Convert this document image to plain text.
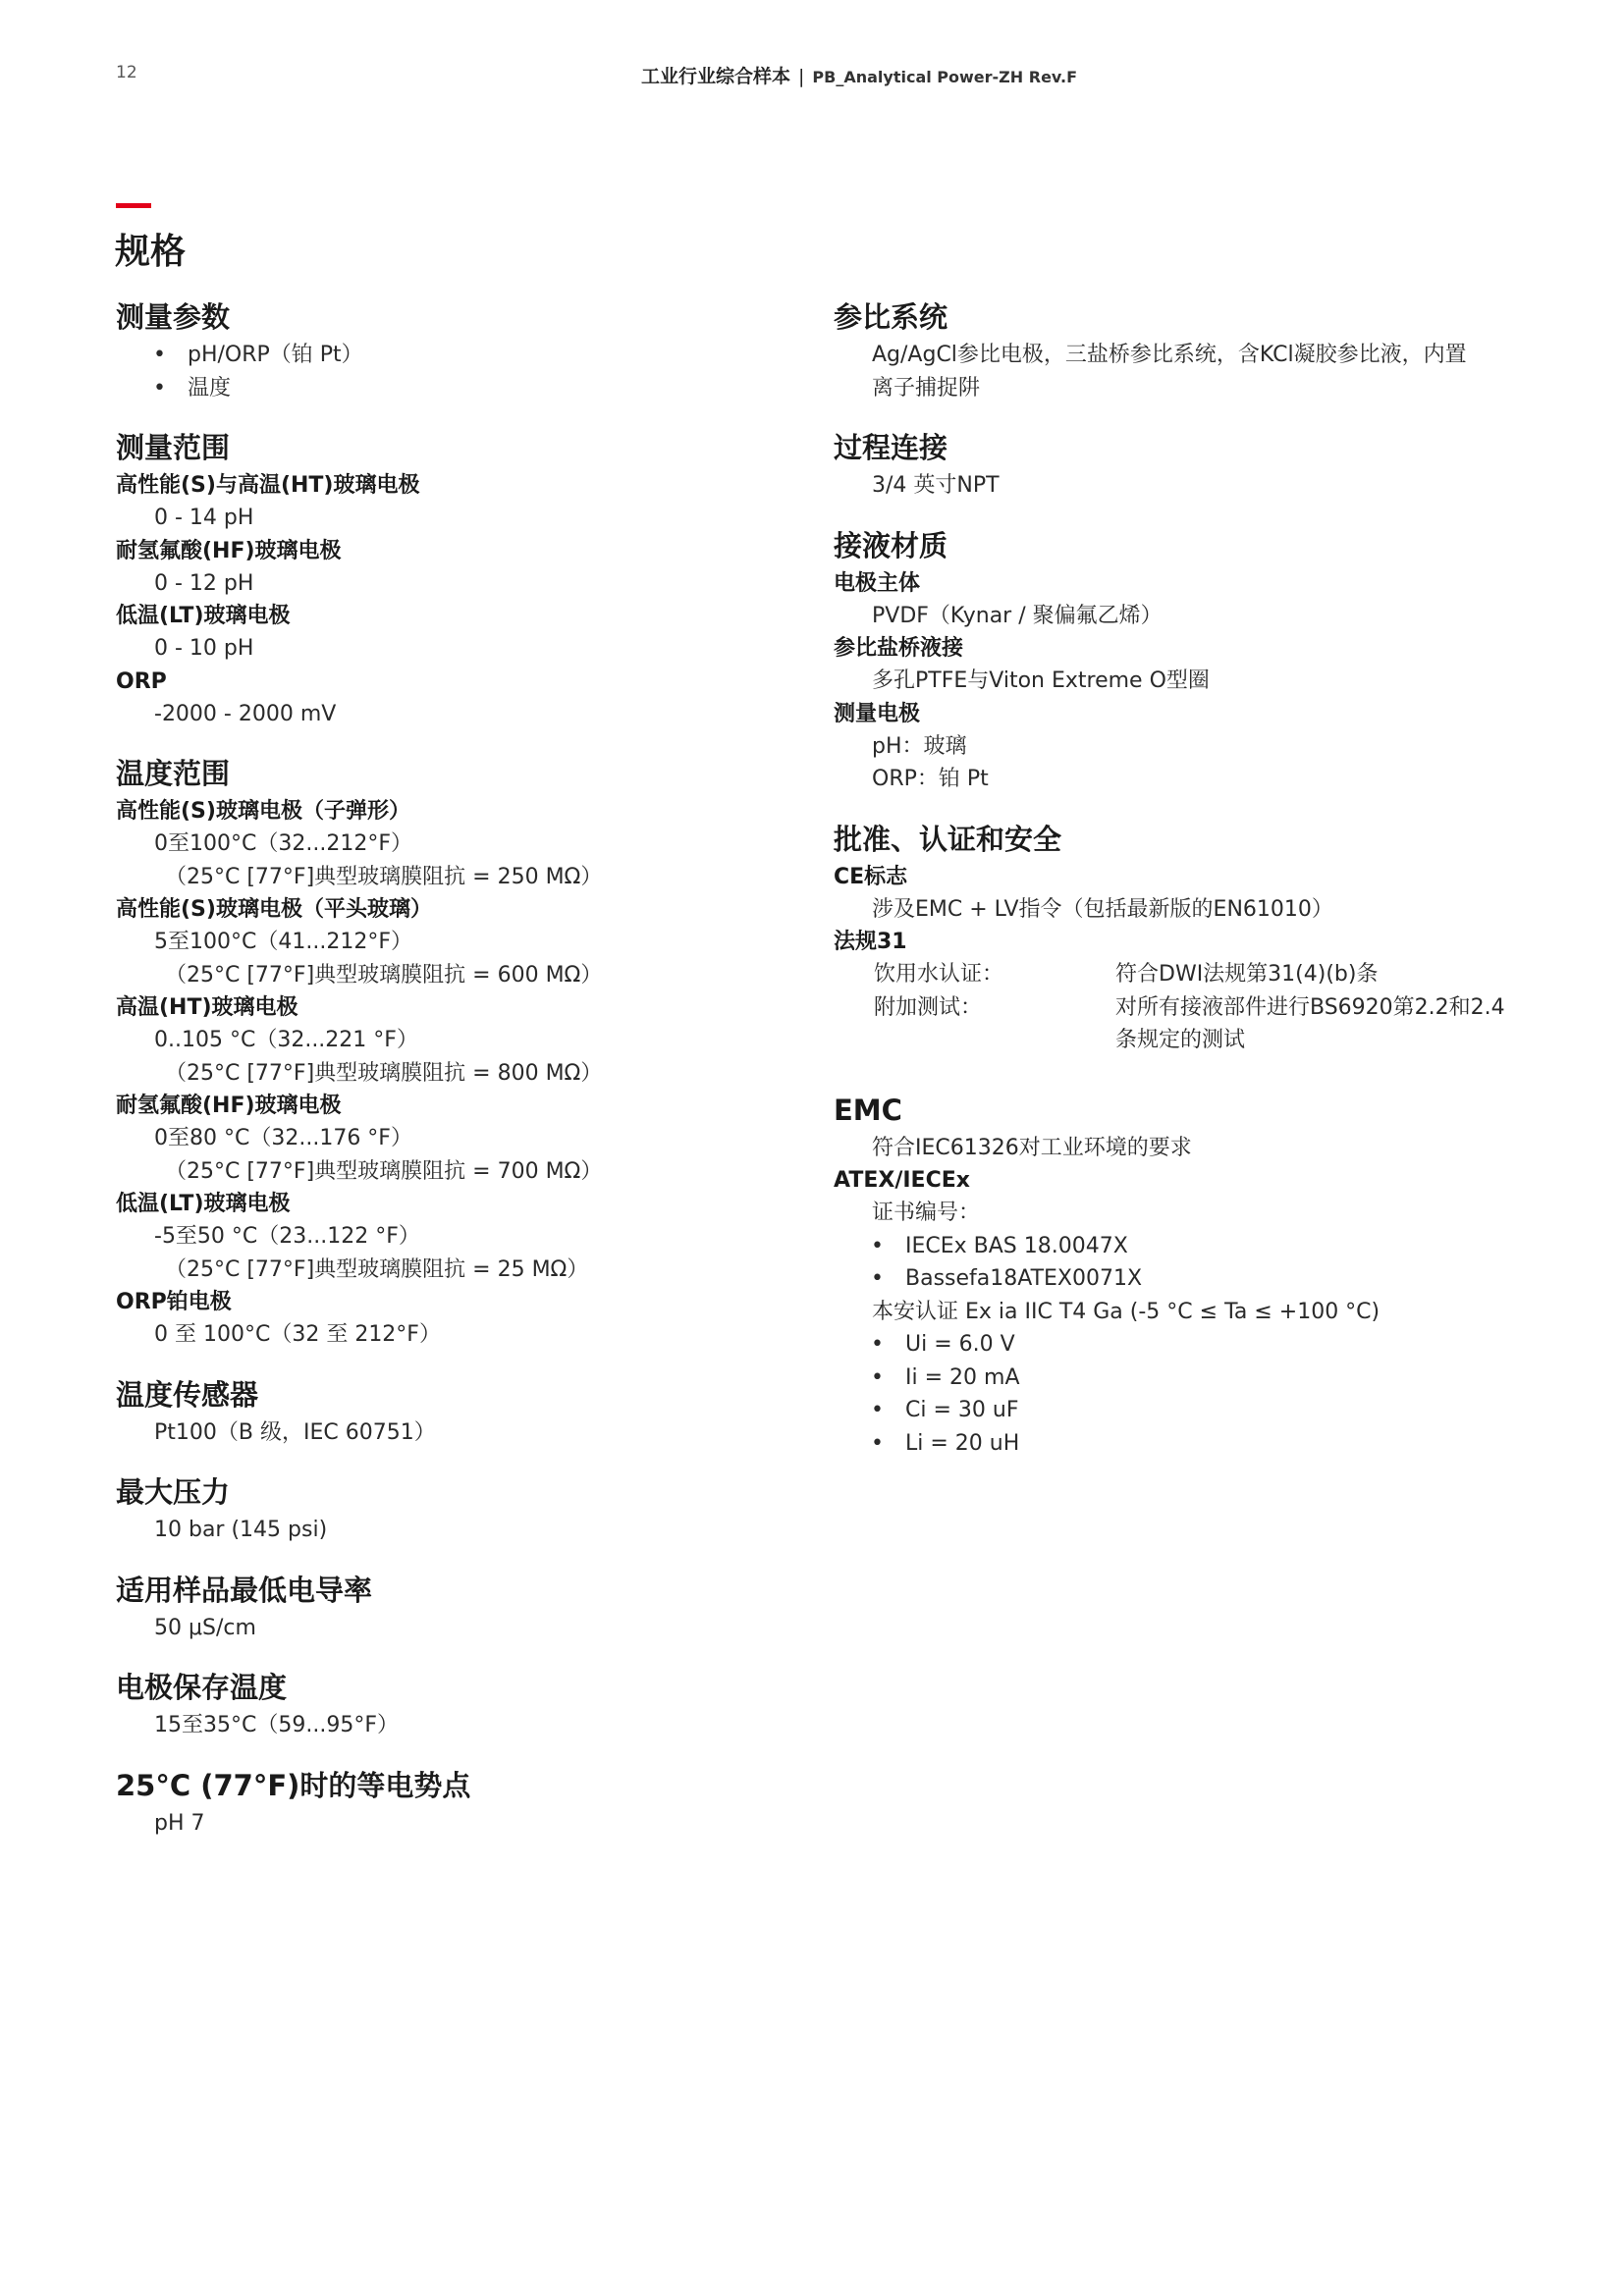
12	工业行业综合样本 | PB_Analytical Power-ZH Rev.F
规格
测量参数
•	pH/ORP（铂 Pt）
•	温度
测量范围
高性能(S)与高温(HT)玻璃电极
0 - 14 pH
耐氢氟酸(HF)玻璃电极
0 - 12 pH
低温(LT)玻璃电极
0 - 10 pH
ORP
-2000 - 2000 mV
温度范围
高性能(S)玻璃电极（子弹形）
0至100°C（32...212°F）
（25°C [77°F]典型玻璃膜阻抗 = 250 MΩ）
高性能(S)玻璃电极（平头玻璃）
5至100°C（41...212°F）
（25°C [77°F]典型玻璃膜阻抗 = 600 MΩ）
高温(HT)玻璃电极
0..105 °C（32...221 °F）
（25°C [77°F]典型玻璃膜阻抗 = 800 MΩ）
耐氢氟酸(HF)玻璃电极
0至80 °C（32...176 °F）
（25°C [77°F]典型玻璃膜阻抗 = 700 MΩ）
低温(LT)玻璃电极
-5至50 °C（23...122 °F）
（25°C [77°F]典型玻璃膜阻抗 = 25 MΩ）
ORP铂电极
0 至 100°C（32 至 212°F）
温度传感器
Pt100（B 级，IEC 60751）
最大压力
10 bar (145 psi)
适用样品最低电导率
50 μS/cm
电极保存温度
15至35°C（59...95°F）
25°C (77°F)时的等电势点
pH 7
参比系统
Ag/AgCl参比电极，三盐桥参比系统，含KCl凝胶参比液，内置
离子捕捉阱
过程连接
3/4 英寸NPT
接液材质
电极主体
PVDF（Kynar / 聚偏氟乙烯）
参比盐桥液接
多孔PTFE与Viton Extreme O型圈
测量电极
pH：玻璃
ORP：铂 Pt
批准、认证和安全
CE标志
涉及EMC + LV指令（包括最新版的EN61010）
法规31
饮用水认证：	符合DWI法规第31(4)(b)条
附加测试：	对所有接液部件进行BS6920第2.2和2.4
条规定的测试
EMC
符合IEC61326对工业环境的要求
ATEX/IECEx
证书编号：
•	IECEx BAS 18.0047X
•	Bassefa18ATEX0071X
本安认证 Ex ia IIC T4 Ga (-5 °C ≤ Ta ≤ +100 °C)
•	Ui = 6.0 V
•	Ii = 20 mA
•	Ci = 30 uF
•	Li = 20 uH
